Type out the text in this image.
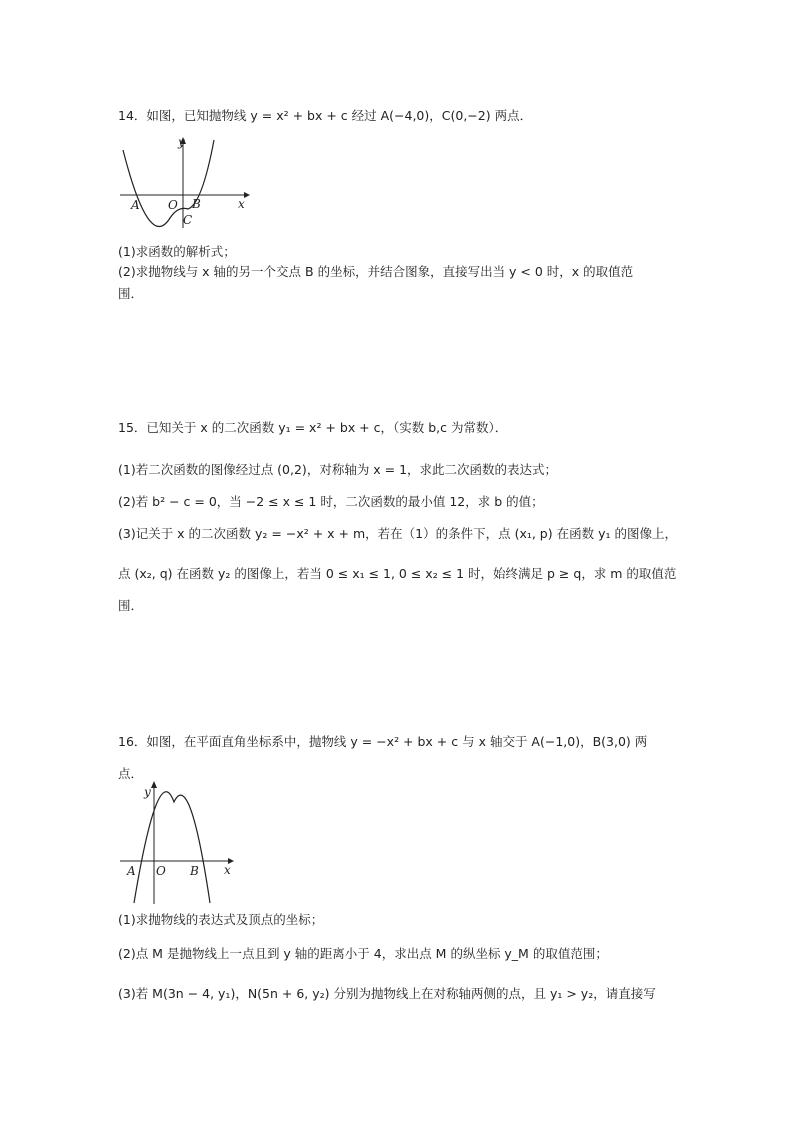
14．如图，已知抛物线 y = x² + bx + c 经过 A(−4,0)，C(0,−2) 两点．
y
x
A O B
C
(1)求函数的解析式；
(2)求抛物线与 x 轴的另一个交点 B 的坐标，并结合图象，直接写出当 y < 0 时，x 的取值范
围．
15．已知关于 x 的二次函数 y₁ = x² + bx + c，（实数 b,c 为常数）．
(1)若二次函数的图像经过点 (0,2)，对称轴为 x = 1，求此二次函数的表达式；
(2)若 b² − c = 0，当 −2 ≤ x ≤ 1 时，二次函数的最小值 12，求 b 的值；
(3)记关于 x 的二次函数 y₂ = −x² + x + m，若在（1）的条件下，点 (x₁, p) 在函数 y₁ 的图像上，
点 (x₂, q) 在函数 y₂ 的图像上，若当 0 ≤ x₁ ≤ 1, 0 ≤ x₂ ≤ 1 时，始终满足 p ≥ q，求 m 的取值范
围．
16．如图，在平面直角坐标系中，抛物线 y = −x² + bx + c 与 x 轴交于 A(−1,0)，B(3,0) 两
点．
y
x
A O B
(1)求抛物线的表达式及顶点的坐标；
(2)点 M 是抛物线上一点且到 y 轴的距离小于 4，求出点 M 的纵坐标 y_M 的取值范围；
(3)若 M(3n − 4, y₁)，N(5n + 6, y₂) 分别为抛物线上在对称轴两侧的点，且 y₁ > y₂，请直接写
